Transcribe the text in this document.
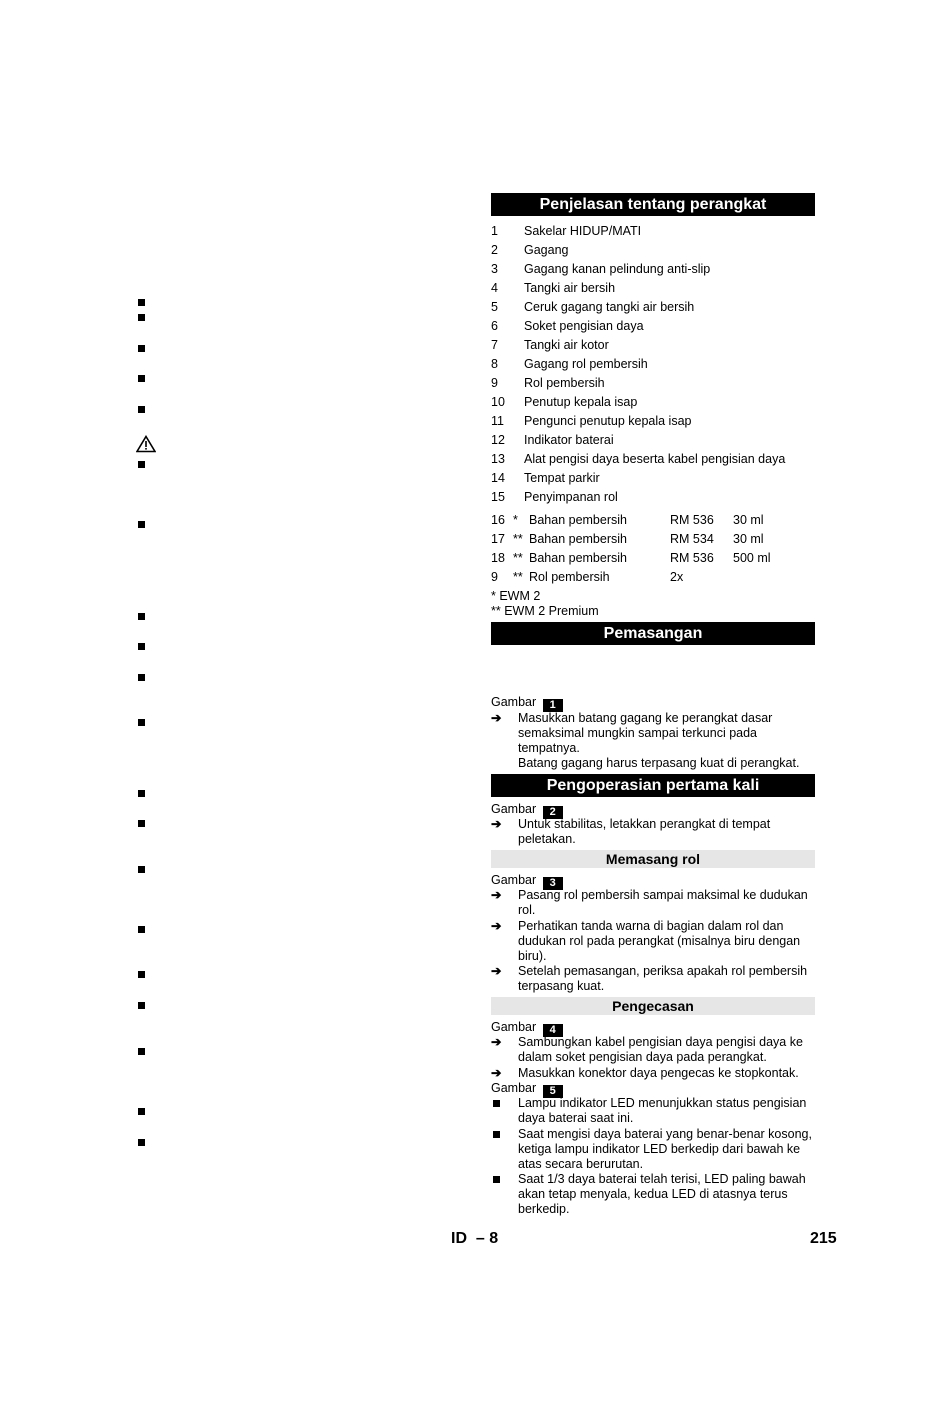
Penjelasan tentang perangkat
1	Sakelar HIDUP/MATI
2	Gagang
3	Gagang kanan pelindung anti-slip
4	Tangki air bersih
5	Ceruk gagang tangki air bersih
6	Soket pengisian daya
7	Tangki air kotor
8	Gagang rol pembersih
9	Rol pembersih
10	Penutup kepala isap
11	Pengunci penutup kepala isap
12	Indikator baterai
13	Alat pengisi daya beserta kabel pengisian daya
14	Tempat parkir
15	Penyimpanan rol
16 * Bahan pembersih	RM 536 30 ml
17 ** Bahan pembersih	RM 534 30 ml
18 ** Bahan pembersih	RM 536 500 ml
9 ** Rol pembersih	2x
* EWM 2
** EWM 2 Premium
Pemasangan
Gambar 1
➔	Masukkan batang gagang ke perangkat dasar semaksimal mungkin sampai terkunci pada tempatnya.
Batang gagang harus terpasang kuat di perangkat.
Pengoperasian pertama kali
Gambar 2
➔	Untuk stabilitas, letakkan perangkat di tempat peletakan.
Memasang rol
Gambar 3
➔	Pasang rol pembersih sampai maksimal ke dudukan rol.
➔	Perhatikan tanda warna di bagian dalam rol dan dudukan rol pada perangkat (misalnya biru dengan biru).
➔	Setelah pemasangan, periksa apakah rol pembersih terpasang kuat.
Pengecasan
Gambar 4
➔	Sambungkan kabel pengisian daya pengisi daya ke dalam soket pengisian daya pada perangkat.
➔	Masukkan konektor daya pengecas ke stopkontak.
Gambar 5
Lampu indikator LED menunjukkan status pengisian daya baterai saat ini.
Saat mengisi daya baterai yang benar-benar kosong, ketiga lampu indikator LED berkedip dari bawah ke atas secara berurutan.
Saat 1/3 daya baterai telah terisi, LED paling bawah akan tetap menyala, kedua LED di atasnya terus berkedip.
ID  – 8	215
